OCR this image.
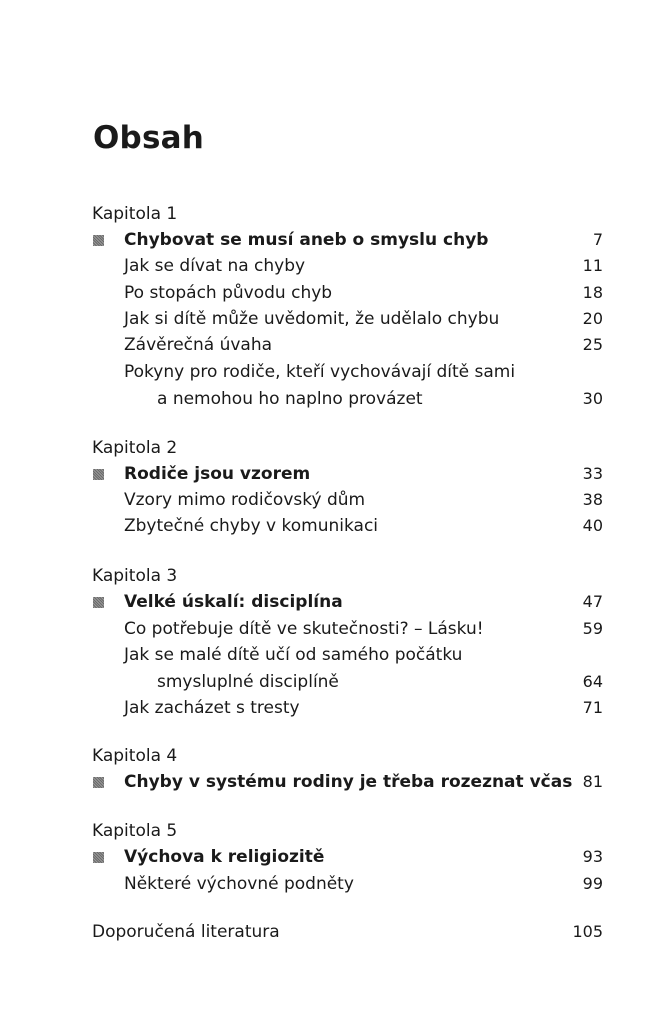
Obsah
Kapitola 1
Chybovat se musí aneb o smyslu chyb	7
Jak se dívat na chyby	11
Po stopách původu chyb	18
Jak si dítě může uvědomit, že udělalo chybu	20
Závěrečná úvaha	25
Pokyny pro rodiče, kteří vychovávají dítě sami
a nemohou ho naplno provázet	30
Kapitola 2
Rodiče jsou vzorem	33
Vzory mimo rodičovský dům	38
Zbytečné chyby v komunikaci	40
Kapitola 3
Velké úskalí: disciplína	47
Co potřebuje dítě ve skutečnosti? – Lásku!	59
Jak se malé dítě učí od samého počátku
smysluplné disciplíně	64
Jak zacházet s tresty	71
Kapitola 4
Chyby v systému rodiny je třeba rozeznat včas 81
Kapitola 5
Výchova k religiozitě	93
Některé výchovné podněty	99
Doporučená literatura	105
